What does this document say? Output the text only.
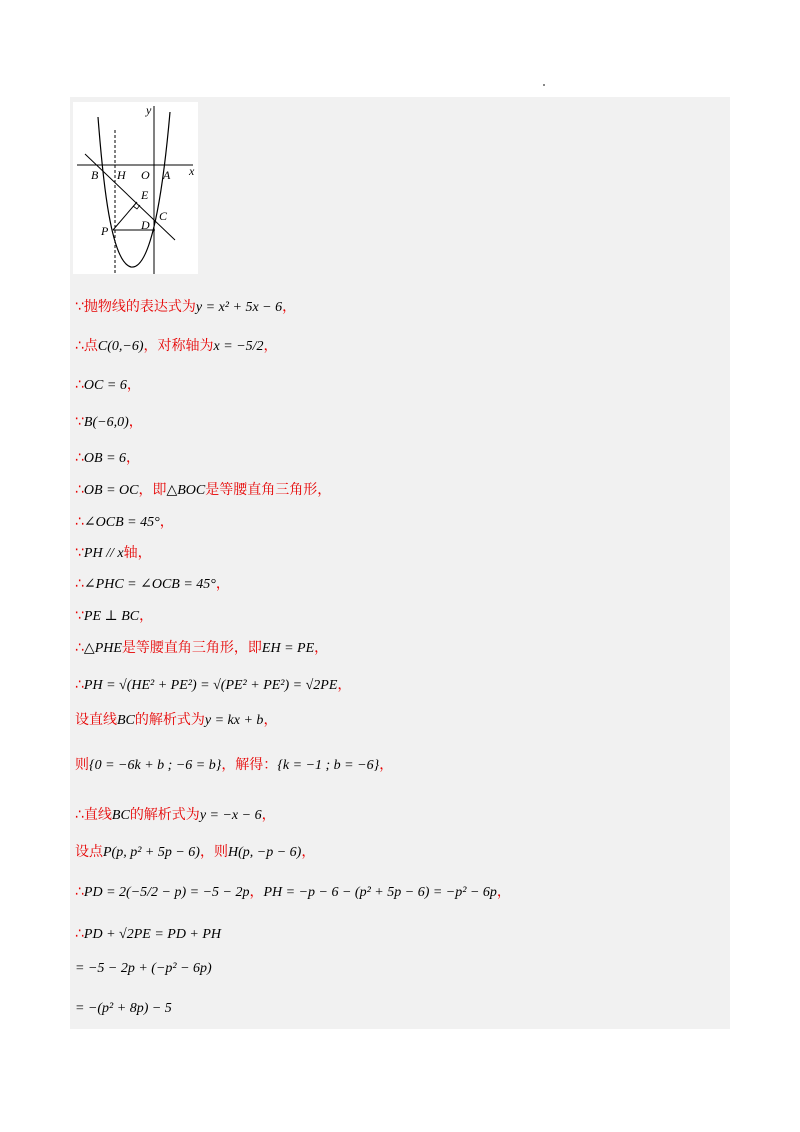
y
x
B H O A
E
C
P	D
∵抛物线的表达式为y = x² + 5x − 6，
∴点C(0,−6)，对称轴为x = −5/2，
∴OC = 6，
∵B(−6,0)，
∴OB = 6，
∴OB = OC，即△BOC是等腰直角三角形，
∴∠OCB = 45°，
∵PH // x轴，
∴∠PHC = ∠OCB = 45°，
∵PE ⊥ BC，
∴△PHE是等腰直角三角形，即EH = PE，
∴PH = √(HE² + PE²) = √(PE² + PE²) = √2PE，
设直线BC的解析式为y = kx + b，
则{0 = −6k + b ; −6 = b}，解得：{k = −1 ; b = −6}，
∴直线BC的解析式为y = −x − 6，
设点P(p, p² + 5p − 6)，则H(p, −p − 6)，
∴PD = 2(−5/2 − p) = −5 − 2p，PH = −p − 6 − (p² + 5p − 6) = −p² − 6p，
∴PD + √2PE = PD + PH
= −5 − 2p + (−p² − 6p)
= −(p² + 8p) − 5
